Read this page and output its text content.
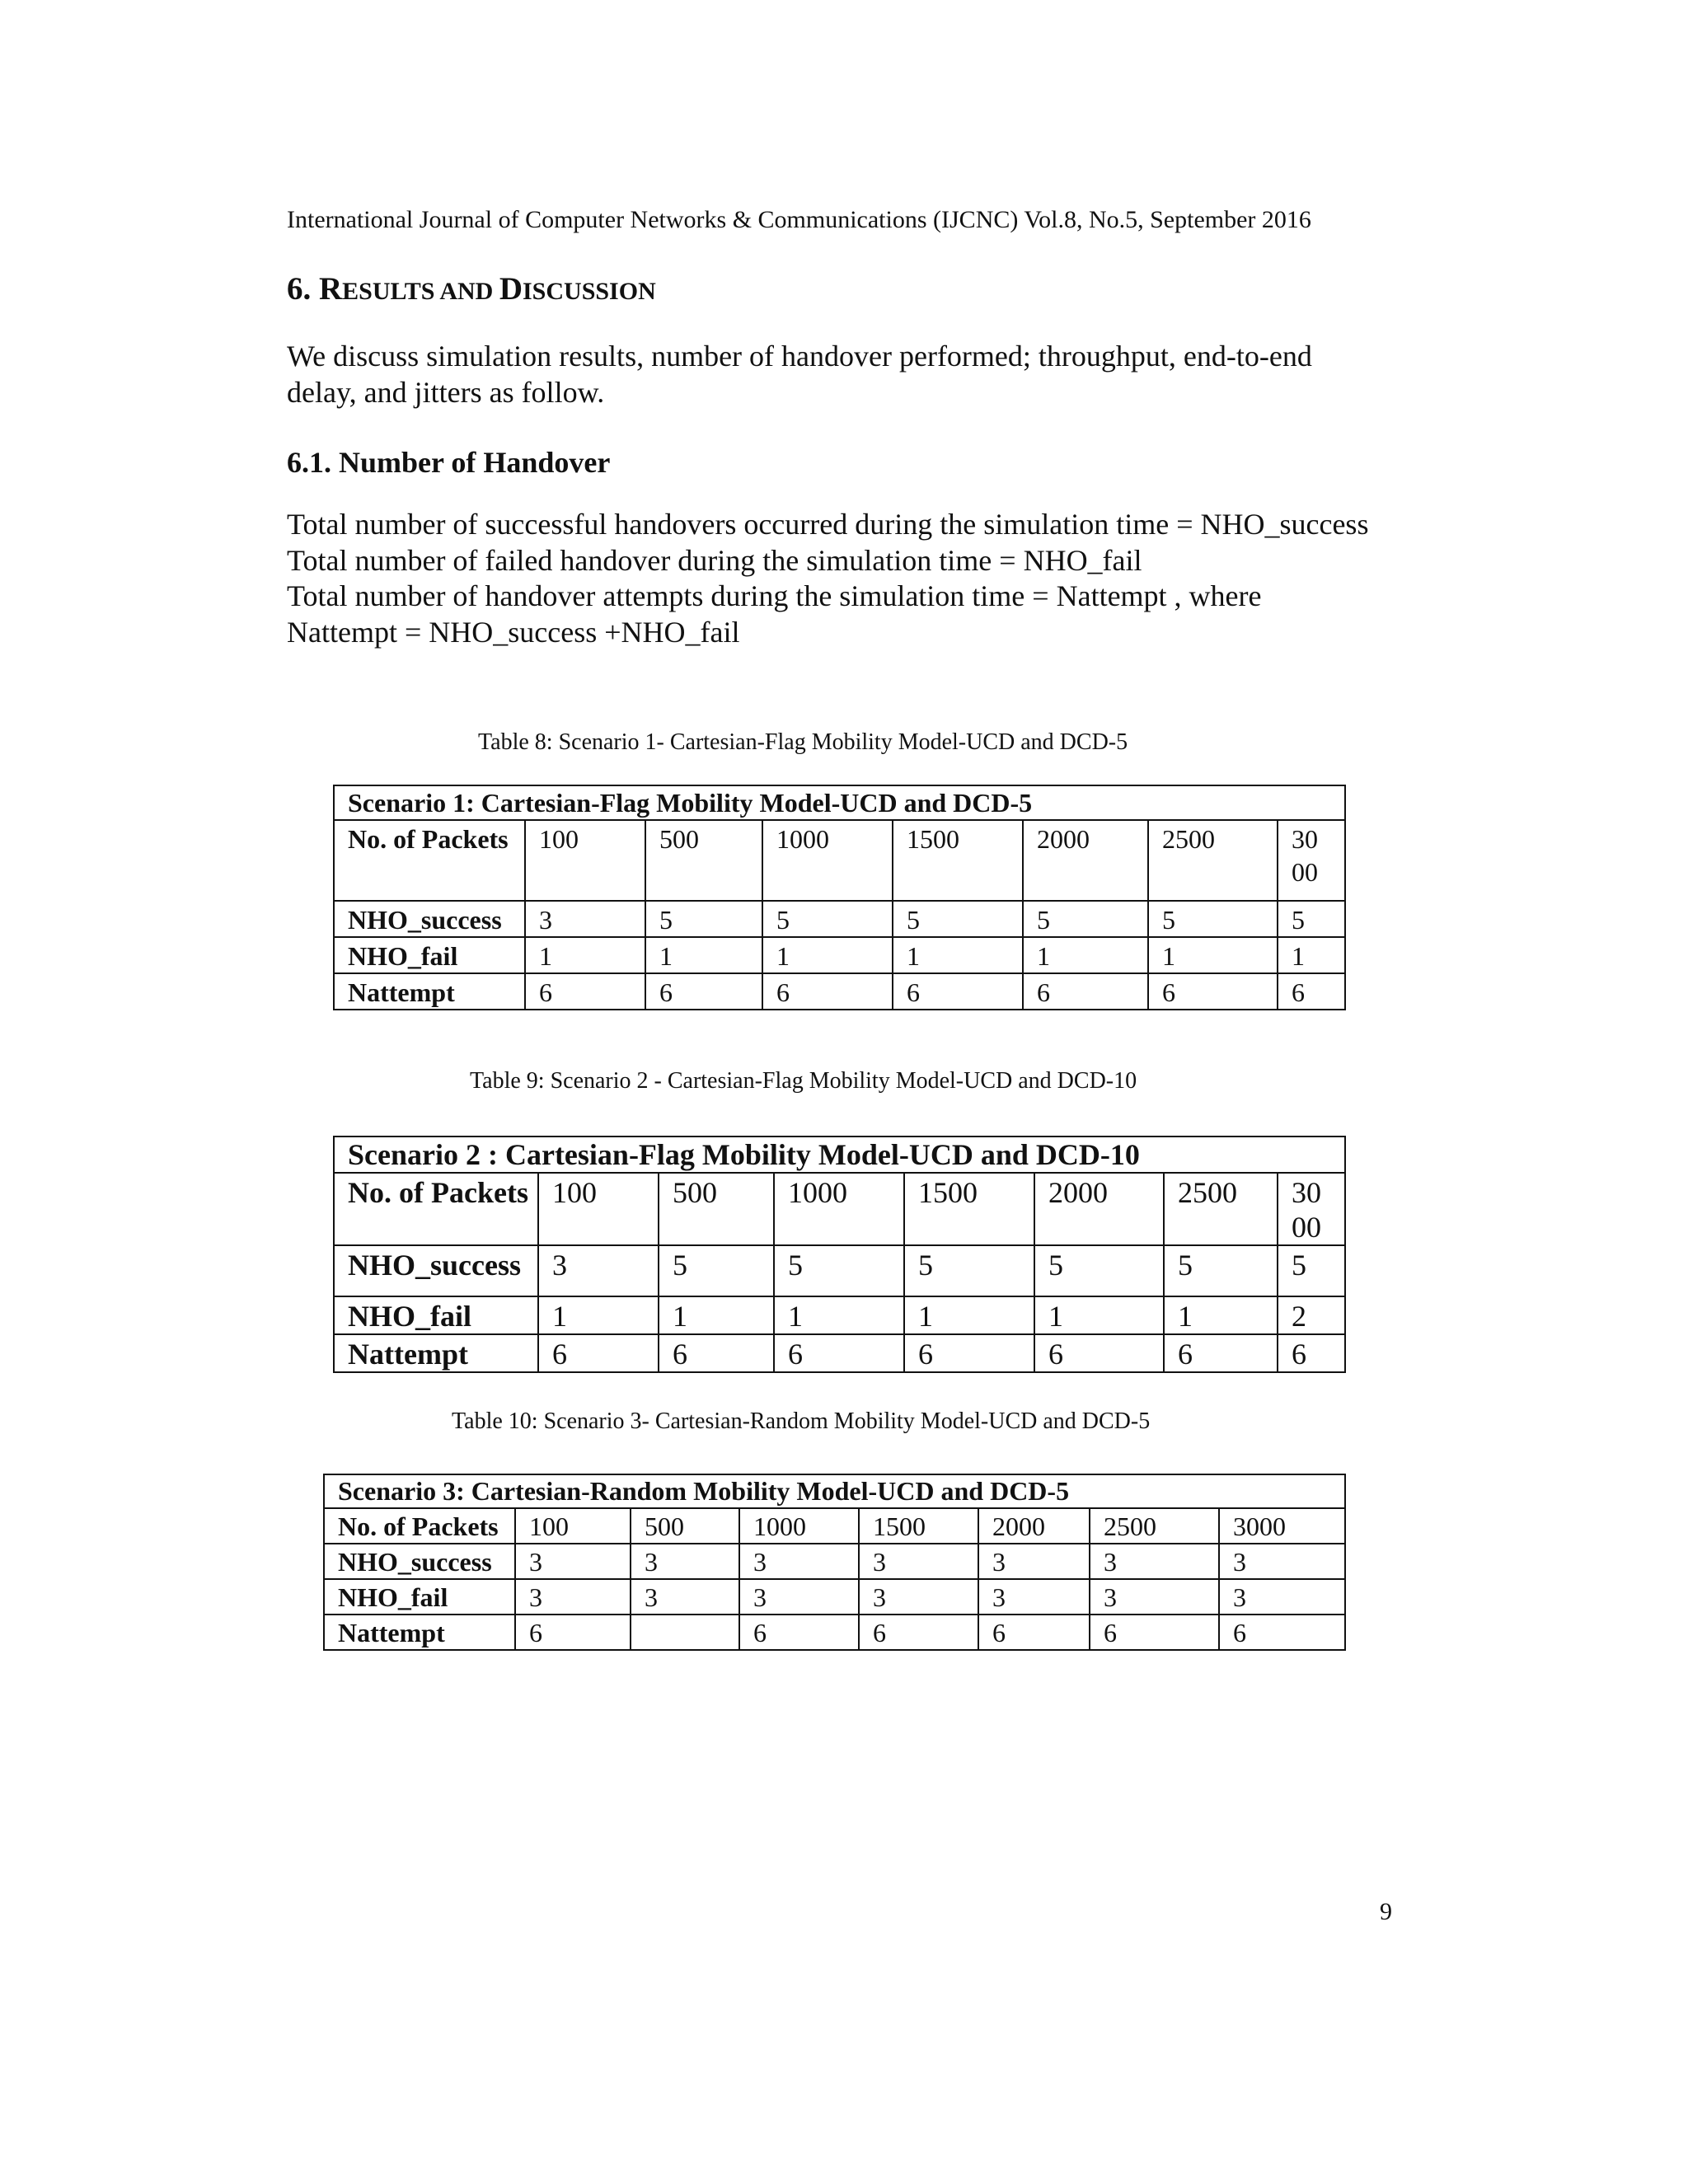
International Journal of Computer Networks & Communications (IJCNC) Vol.8, No.5, September 2016
6. RESULTS AND DISCUSSION
We discuss simulation results, number of handover performed; throughput, end-to-end delay, and jitters as follow.
6.1. Number of Handover
Total number of successful handovers occurred during the simulation time = NHO_success
Total number of failed handover during the simulation time = NHO_fail
Total number of handover attempts during the simulation time = Nattempt , where Nattempt = NHO_success +NHO_fail
Table 8: Scenario 1- Cartesian-Flag Mobility Model-UCD and DCD-5
Scenario 1: Cartesian-Flag Mobility Model-UCD and DCD-5							
No. of Packets	100	500	1000	1500	2000	2500	30 00
NHO_success	3	5	5	5	5	5	5
NHO_fail	1	1	1	1	1	1	1
Nattempt	6	6	6	6	6	6	6
Table 9: Scenario 2 - Cartesian-Flag Mobility Model-UCD and DCD-10
Scenario 2 : Cartesian-Flag Mobility Model-UCD and DCD-10							
No. of Packets	100	500	1000	1500	2000	2500	30 00
NHO_success	3	5	5	5	5	5	5
NHO_fail	1	1	1	1	1	1	2
Nattempt	6	6	6	6	6	6	6
Table 10: Scenario 3- Cartesian-Random Mobility Model-UCD and DCD-5
Scenario 3: Cartesian-Random Mobility Model-UCD and DCD-5							
No. of Packets	100	500	1000	1500	2000	2500	3000
NHO_success	3	3	3	3	3	3	3
NHO_fail	3	3	3	3	3	3	3
Nattempt	6		6	6	6	6	6
9
